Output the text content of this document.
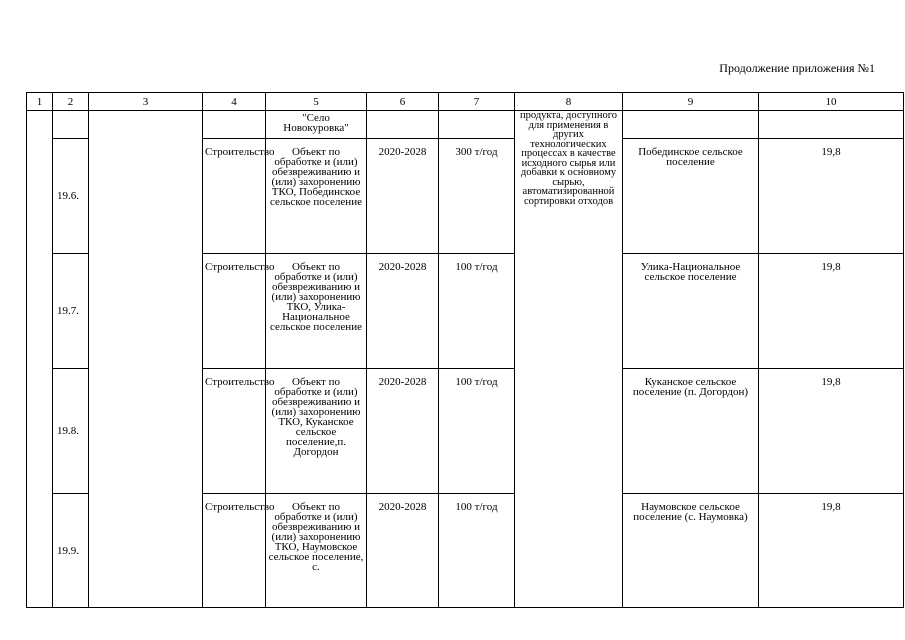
Продолжение приложения №1
1	2	3	4	5	6	7	8	9	10
				"Село Новокуровка"			продукта, доступного для применения в других технологических процессах в качестве исходного сырья или добавки к основному сырью, автоматизированной сортировки отходов		
	19.6.		Строительство	Объект по обработке и (или) обезвреживанию и (или) захоронению ТКО, Побединское сельское поселение	2020-2028	300 т/год		Побединское сельское поселение	19,8
	19.7.		Строительство	Объект по обработке и (или) обезвреживанию и (или) захоронению ТКО, Улика-Национальное сельское поселение	2020-2028	100 т/год		Улика-Национальное сельское поселение	19,8
	19.8.		Строительство	Объект по обработке и (или) обезвреживанию и (или) захоронению ТКО, Куканское сельское поселение,п. Догордон	2020-2028	100 т/год		Куканское сельское поселение (п. Догордон)	19,8
	19.9.		Строительство	Объект по обработке и (или) обезвреживанию и (или) захоронению ТКО, Наумовское сельское поселение, с.	2020-2028	100 т/год		Наумовское сельское поселение (с. Наумовка)	19,8
